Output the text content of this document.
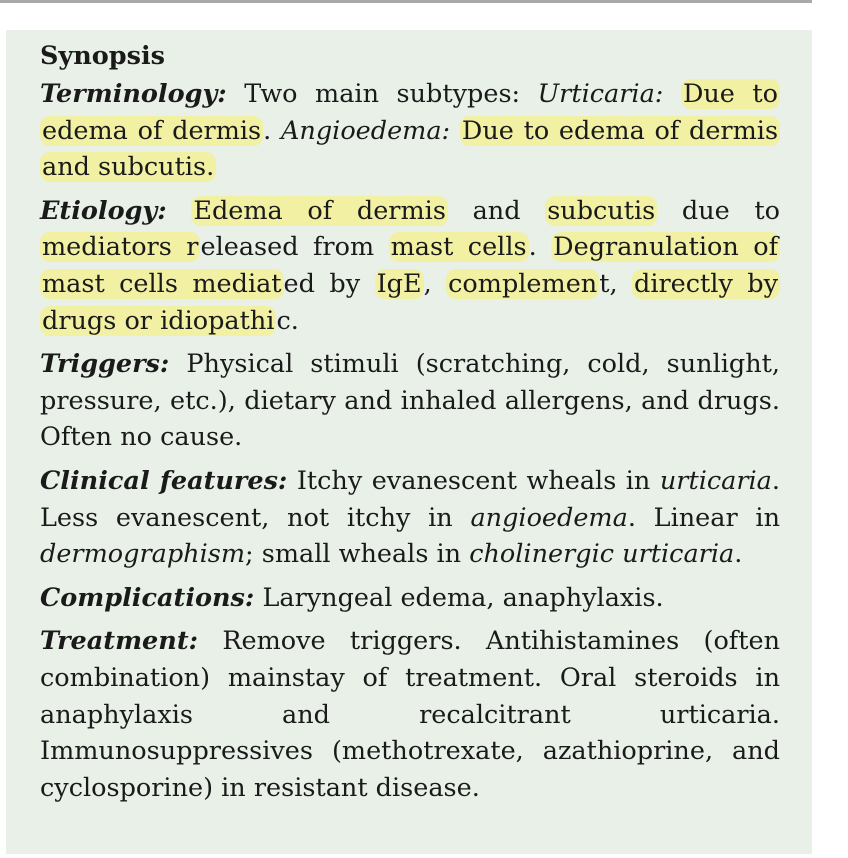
Synopsis
Terminology: Two main subtypes: Urticaria: Due to edema of dermis. Angioedema: Due to edema of dermis and subcutis.
Etiology: Edema of dermis and subcutis due to mediators released from mast cells. Degranulation of mast cells mediated by IgE, complement, directly by drugs or idiopathic.
Triggers: Physical stimuli (scratching, cold, sunlight, pressure, etc.), dietary and inhaled allergens, and drugs. Often no cause.
Clinical features: Itchy evanescent wheals in urticaria. Less evanescent, not itchy in angioedema. Linear in dermographism; small wheals in cholinergic urticaria.
Complications: Laryngeal edema, anaphylaxis.
Treatment: Remove triggers. Antihistamines (often combination) mainstay of treatment. Oral steroids in anaphylaxis and recalcitrant urticaria. Immunosuppressives (methotrexate, azathioprine, and cyclosporine) in resistant disease.
